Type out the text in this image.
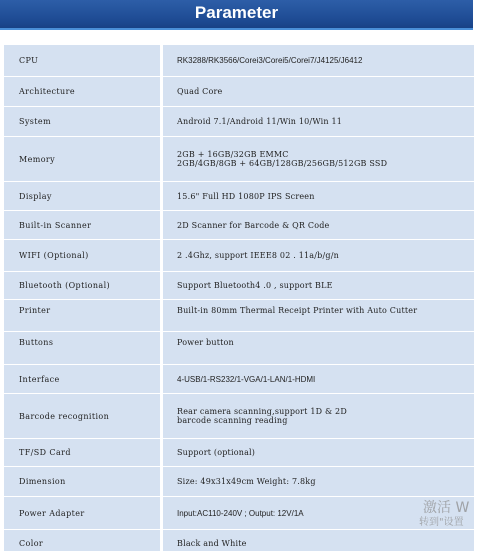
Parameter
CPU	RK3288/RK3566/Corei3/Corei5/Corei7/J4125/J6412
Architecture	Quad Core
System	Android 7.1/Android 11/Win 10/Win 11
Memory	2GB + 16GB/32GB EMMC
2GB/4GB/8GB + 64GB/128GB/256GB/512GB SSD
Display	15.6" Full HD 1080P IPS Screen
Built-in Scanner	2D Scanner for Barcode & QR Code
WIFI (Optional)	2 .4Ghz, support IEEE8 02 . 11a/b/g/n
Bluetooth (Optional)	Support Bluetooth4 .0 , support BLE
Printer	Built-in 80mm Thermal Receipt Printer with Auto Cutter
Buttons	Power button
Interface	4-USB/1-RS232/1-VGA/1-LAN/1-HDMI
Barcode recognition	Rear camera scanning,support 1D & 2D
barcode scanning reading
TF/SD Card	Support (optional)
Dimension	Size: 49x31x49cm Weight: 7.8kg
Power Adapter	Input:AC110-240V ; Output: 12V/1A
Color	Black and White
激活 W
转到"设置
